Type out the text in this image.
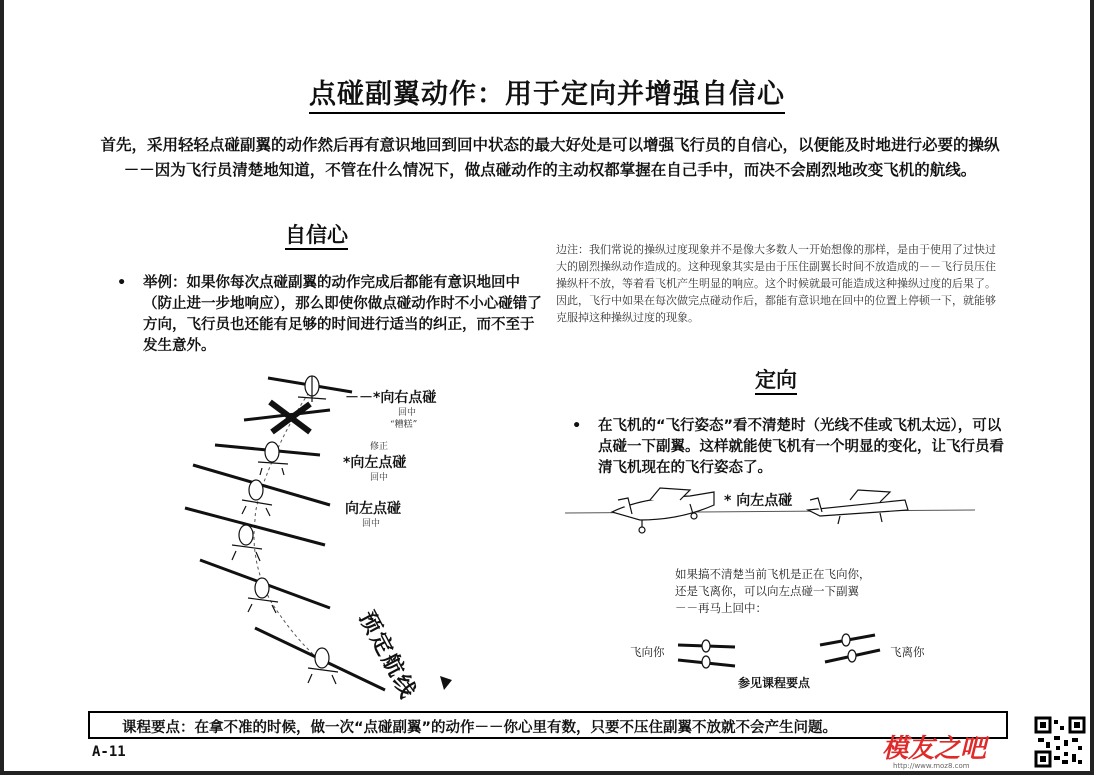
点碰副翼动作：用于定向并增强自信心
首先，采用轻轻点碰副翼的动作然后再有意识地回到回中状态的最大好处是可以增强飞行员的自信心，以便能及时地进行必要的操纵－－因为飞行员清楚地知道，不管在什么情况下，做点碰动作的主动权都掌握在自己手中，而决不会剧烈地改变飞机的航线。
自信心
• 举例：如果你每次点碰副翼的动作完成后都能有意识地回中（防止进一步地响应），那么即使你做点碰动作时不小心碰错了方向，飞行员也还能有足够的时间进行适当的纠正，而不至于发生意外。
边注：我们常说的操纵过度现象并不是像大多数人一开始想像的那样，是由于使用了过快过大的剧烈操纵动作造成的。这种现象其实是由于压住副翼长时间不放造成的－－飞行员压住操纵杆不放，等着看飞机产生明显的响应。这个时候就最可能造成这种操纵过度的后果了。因此，飞行中如果在每次做完点碰动作后，都能有意识地在回中的位置上停顿一下，就能够克服掉这种操纵过度的现象。
定向
• 在飞机的“飞行姿态”看不清楚时（光线不佳或飞机太远），可以点碰一下副翼。这样就能使飞机有一个明显的变化，让飞行员看清飞机现在的飞行姿态了。
－－*向右点碰
回中
“糟糕”
修正
*向左点碰
回中
向左点碰
回中
预定航线
* 向左点碰
如果搞不清楚当前飞机是正在飞向你，
还是飞离你，可以向左点碰一下副翼
－－再马上回中：
飞向你	飞离你
参见课程要点
课程要点：在拿不准的时候，做一次“点碰副翼”的动作－－你心里有数，只要不压住副翼不放就不会产生问题。
A-11	模友之吧
http://www.moz8.com
